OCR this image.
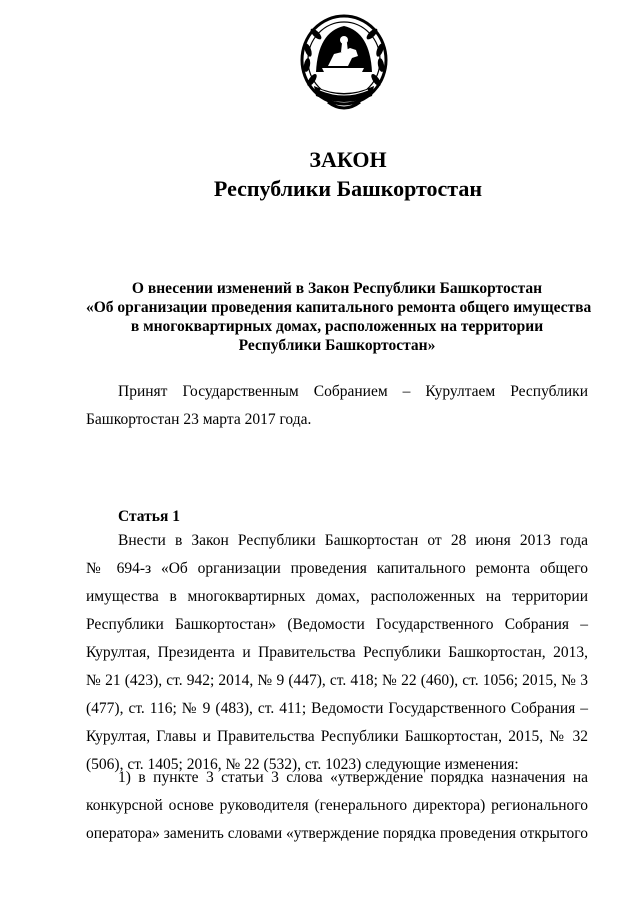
ЗАКОН
Республики Башкортостан
О внесении изменений в Закон Республики Башкортостан
«Об организации проведения капитального ремонта общего имущества
в многоквартирных домах, расположенных на территории
Республики Башкортостан»
Принят Государственным Собранием – Курултаем Республики
Башкортостан 23 марта 2017 года.
Статья 1
Внести в Закон Республики Башкортостан от 28 июня 2013 года
№ 694-з «Об организации проведения капитального ремонта общего
имущества в многоквартирных домах, расположенных на территории
Республики Башкортостан» (Ведомости Государственного Собрания –
Курултая, Президента и Правительства Республики Башкортостан, 2013,
№ 21 (423), ст. 942; 2014, № 9 (447), ст. 418; № 22 (460), ст. 1056; 2015, № 3
(477), ст. 116; № 9 (483), ст. 411; Ведомости Государственного Собрания –
Курултая, Главы и Правительства Республики Башкортостан, 2015, № 32
(506), ст. 1405; 2016, № 22 (532), ст. 1023) следующие изменения:
1) в пункте 3 статьи 3 слова «утверждение порядка назначения на
конкурсной основе руководителя (генерального директора) регионального
оператора» заменить словами «утверждение порядка проведения открытого
